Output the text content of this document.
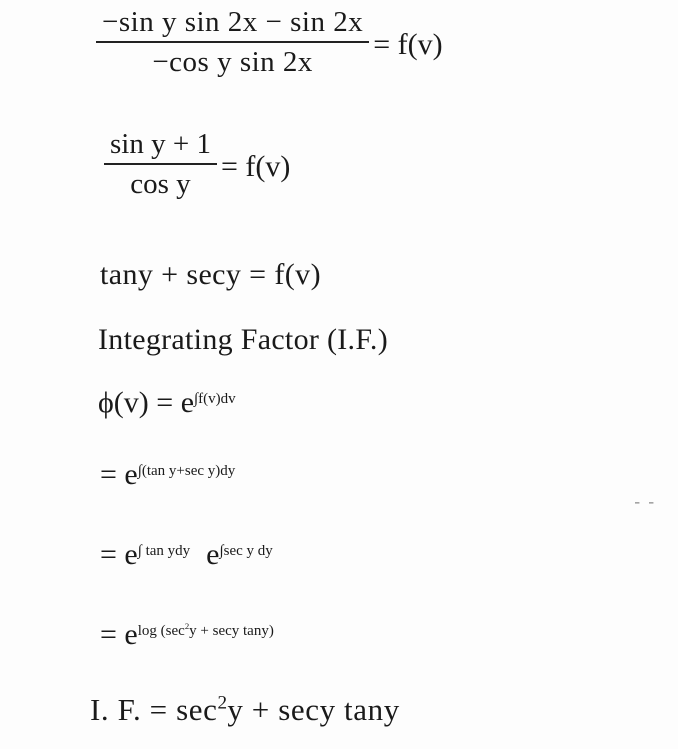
$\frac{\text{−sin y sin 2x − sin 2x}}{\text{−cos y sin 2x}} = f(v)$
$\frac{\text{sin y + 1}}{\text{cos y}} = f(v)$
tany + secy = f(v)
Integrating Factor (I.F.)
$\phi(v) = e^{\int f(v)dv}$
= $e^{\int(tan y+sec y)dy}$
= $e^{\int tan ydy}$ $e^{\int sec y dy}$
= $e^{log (sec^2y + secy tany)}$
I. F. = $\sec^2y + \sec y$ tany
- -
